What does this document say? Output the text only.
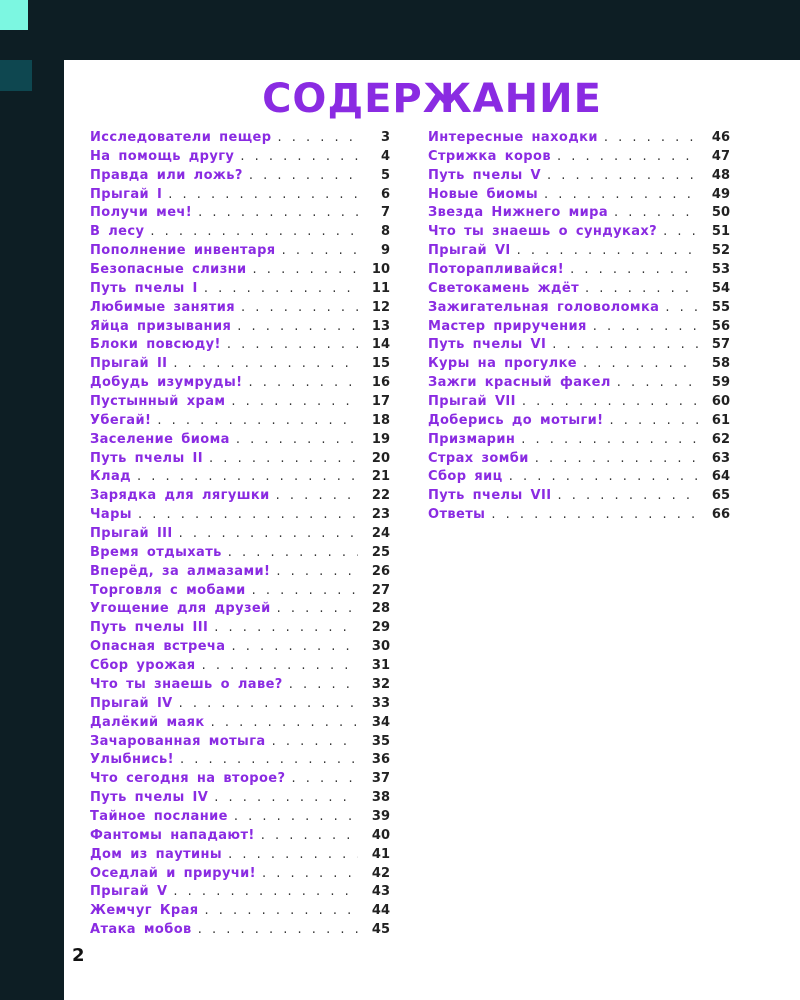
СОДЕРЖАНИЕ
Исследователи пещер . . .	3
На помощь другу . . .	4
Правда или ложь? . . .	5
Прыгай I . . .	6
Получи меч! . . .	7
В лесу . . .	8
Пополнение инвентаря . . .	9
Безопасные слизни . . .	10
Путь пчелы I . . .	11
Любимые занятия . . .	12
Яйца призывания . . .	13
Блоки повсюду! . . .	14
Прыгай II . . .	15
Добудь изумруды! . . .	16
Пустынный храм . . .	17
Убегай! . . .	18
Заселение биома . . .	19
Путь пчелы II . . .	20
Клад . . .	21
Зарядка для лягушки . . .	22
Чары . . .	23
Прыгай III . . .	24
Время отдыхать . . .	25
Вперёд, за алмазами! . . .	26
Торговля с мобами . . .	27
Угощение для друзей . . .	28
Путь пчелы III . . .	29
Опасная встреча . . .	30
Сбор урожая . . .	31
Что ты знаешь о лаве? . . .	32
Прыгай IV . . .	33
Далёкий маяк . . .	34
Зачарованная мотыга . . .	35
Улыбнись! . . .	36
Что сегодня на второе? . . .	37
Путь пчелы IV . . .	38
Тайное послание . . .	39
Фантомы нападают! . . .	40
Дом из паутины . . .	41
Оседлай и приручи! . . .	42
Прыгай V . . .	43
Жемчуг Края . . .	44
Атака мобов . . .	45
Интересные находки . . .	46
Стрижка коров . . .	47
Путь пчелы V . . .	48
Новые биомы . . .	49
Звезда Нижнего мира . . .	50
Что ты знаешь о сундуках? . . .	51
Прыгай VI . . .	52
Поторапливайся! . . .	53
Светокамень ждёт . . .	54
Зажигательная головоломка . . .	55
Мастер приручения . . .	56
Путь пчелы VI . . .	57
Куры на прогулке . . .	58
Зажги красный факел . . .	59
Прыгай VII . . .	60
Доберись до мотыги! . . .	61
Призмарин . . .	62
Страх зомби . . .	63
Сбор яиц . . .	64
Путь пчелы VII . . .	65
Ответы . . .	66
2
